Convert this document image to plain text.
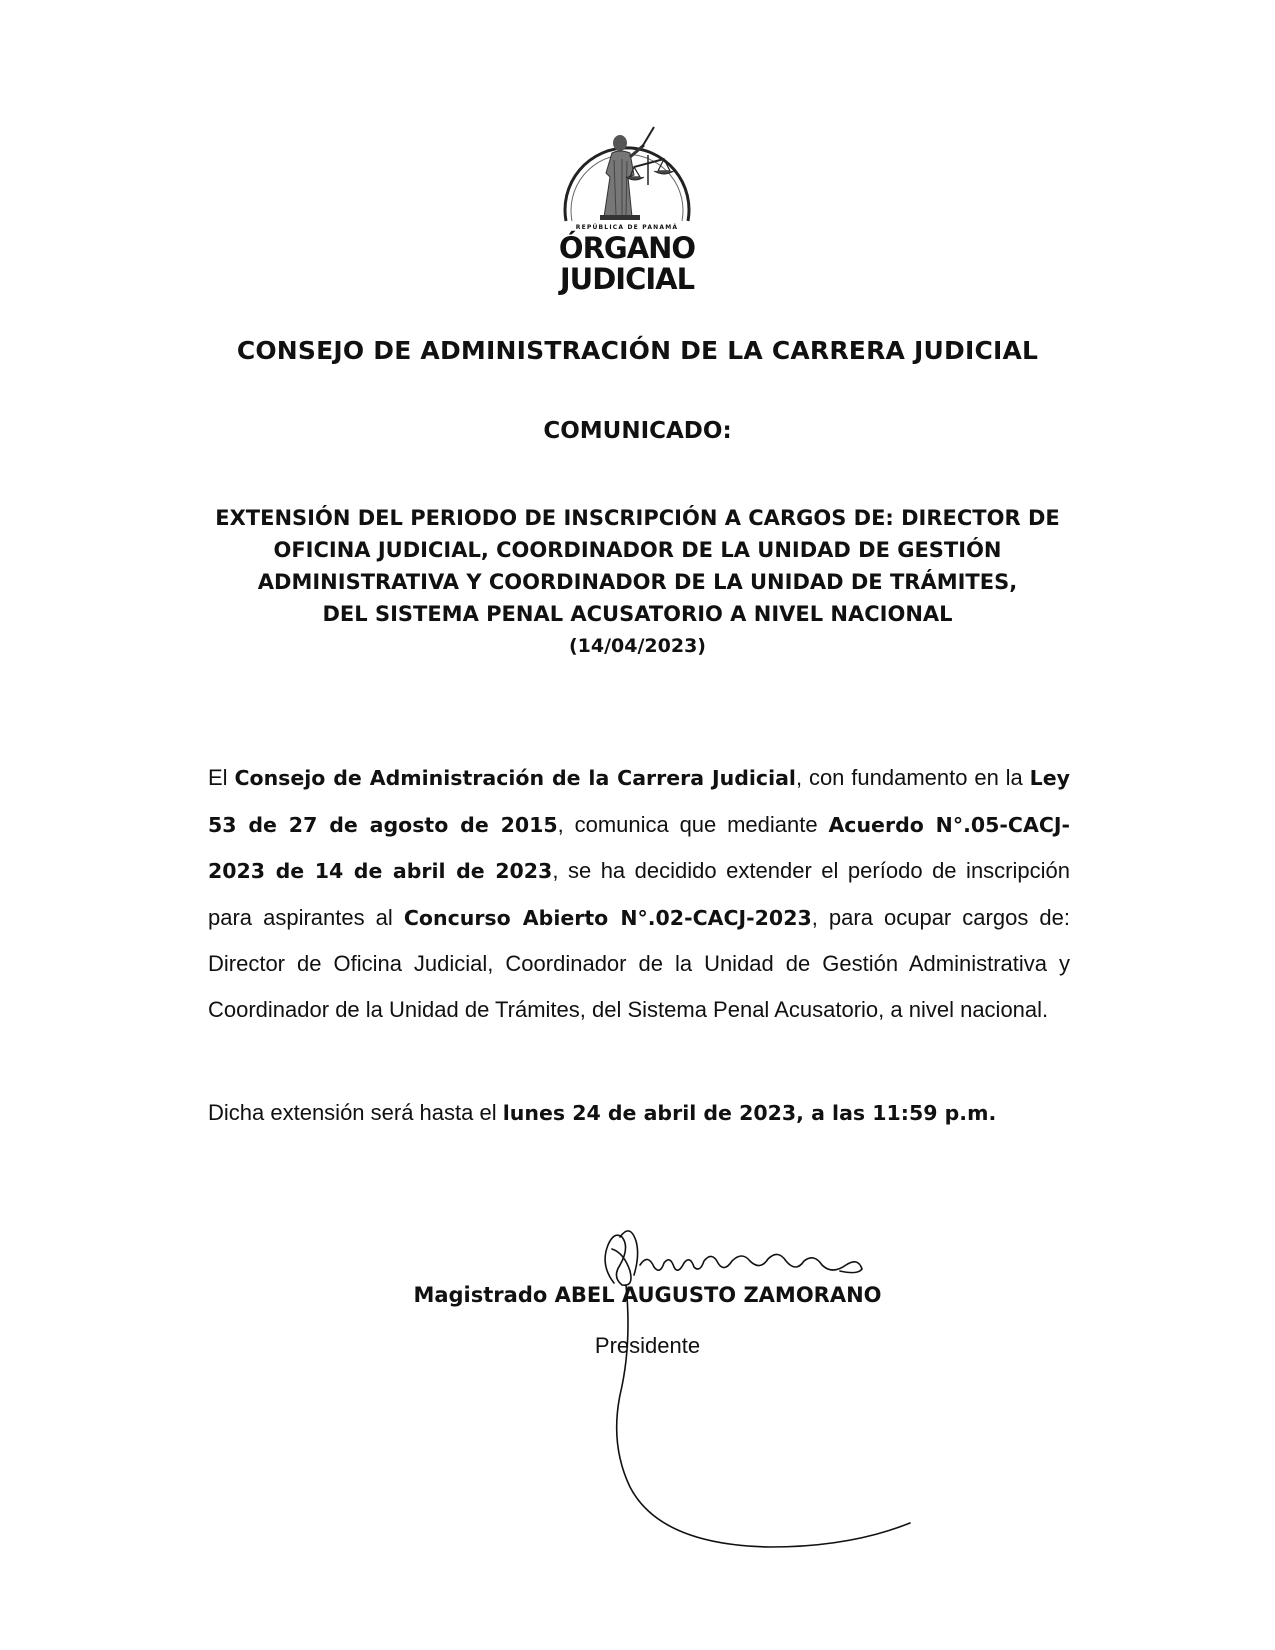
REPÚBLICA DE PANAMÁ
ÓRGANO
JUDICIAL
CONSEJO DE ADMINISTRACIÓN DE LA CARRERA JUDICIAL
COMUNICADO:
EXTENSIÓN DEL PERIODO DE INSCRIPCIÓN A CARGOS DE: DIRECTOR DE
OFICINA JUDICIAL, COORDINADOR DE LA UNIDAD DE GESTIÓN
ADMINISTRATIVA Y COORDINADOR DE LA UNIDAD DE TRÁMITES,
DEL SISTEMA PENAL ACUSATORIO A NIVEL NACIONAL
(14/04/2023)

El Consejo de Administración de la Carrera Judicial, con fundamento en la Ley 53 de 27 de agosto de 2015, comunica que mediante Acuerdo N°.05-CACJ-2023 de 14 de abril de 2023, se ha decidido extender el período de inscripción para aspirantes al Concurso Abierto N°.02-CACJ-2023, para ocupar cargos de: Director de Oficina Judicial, Coordinador de la Unidad de Gestión Administrativa y Coordinador de la Unidad de Trámites, del Sistema Penal Acusatorio, a nivel nacional.

Dicha extensión será hasta el lunes 24 de abril de 2023, a las 11:59 p.m.
Magistrado ABEL AUGUSTO ZAMORANO
Presidente
